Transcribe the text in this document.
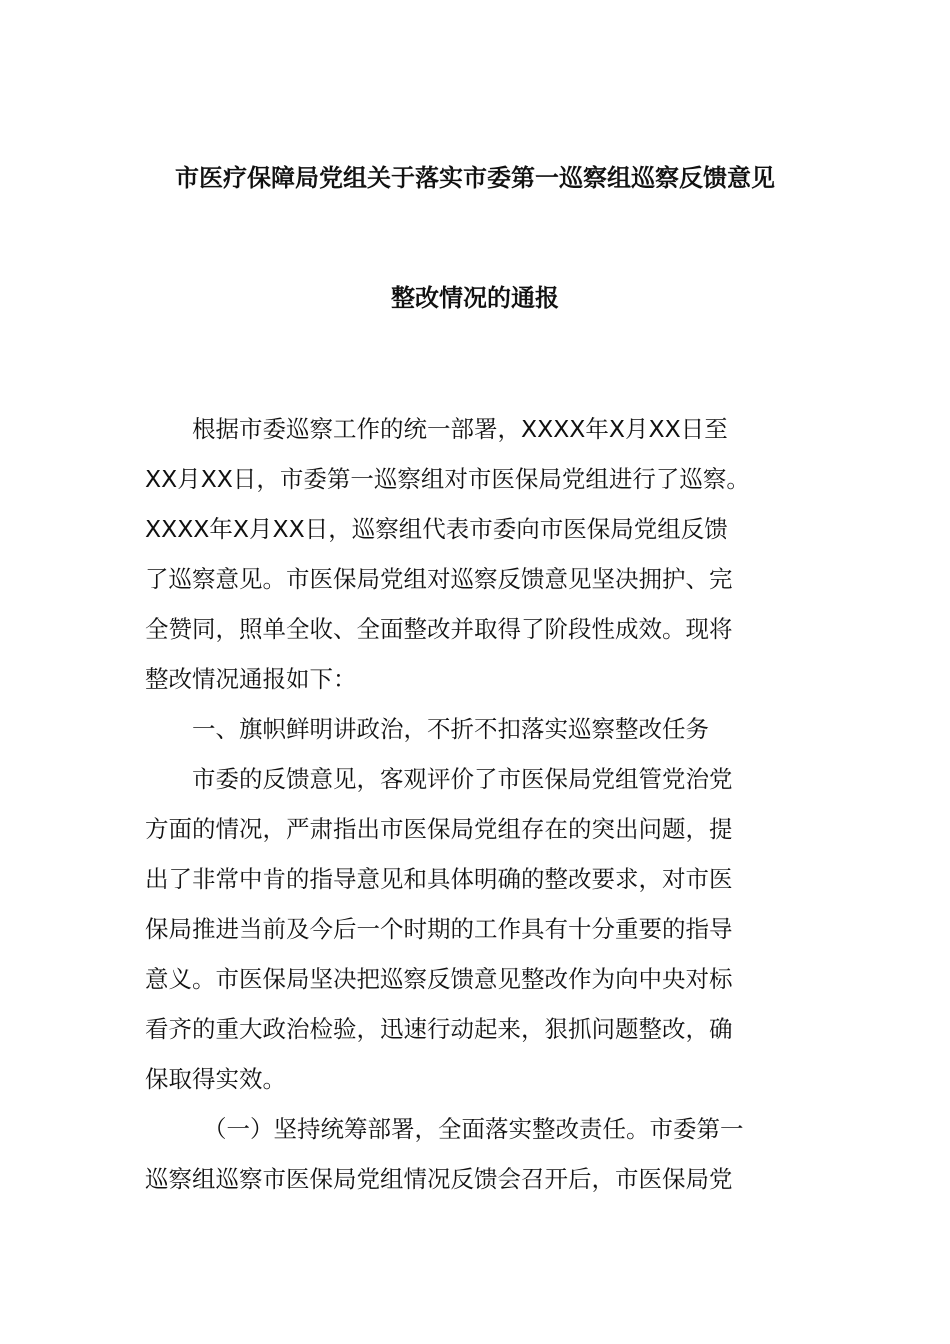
市医疗保障局党组关于落实市委第一巡察组巡察反馈意见
整改情况的通报
根据市委巡察工作的统一部署，XXXX年X月XX日至
XX月XX日，市委第一巡察组对市医保局党组进行了巡察。
XXXX年X月XX日，巡察组代表市委向市医保局党组反馈
了巡察意见。市医保局党组对巡察反馈意见坚决拥护、完
全赞同，照单全收、全面整改并取得了阶段性成效。现将
整改情况通报如下：
一、旗帜鲜明讲政治，不折不扣落实巡察整改任务
市委的反馈意见，客观评价了市医保局党组管党治党
方面的情况，严肃指出市医保局党组存在的突出问题，提
出了非常中肯的指导意见和具体明确的整改要求，对市医
保局推进当前及今后一个时期的工作具有十分重要的指导
意义。市医保局坚决把巡察反馈意见整改作为向中央对标
看齐的重大政治检验，迅速行动起来，狠抓问题整改，确
保取得实效。
（一）坚持统筹部署，全面落实整改责任。市委第一
巡察组巡察市医保局党组情况反馈会召开后，市医保局党
